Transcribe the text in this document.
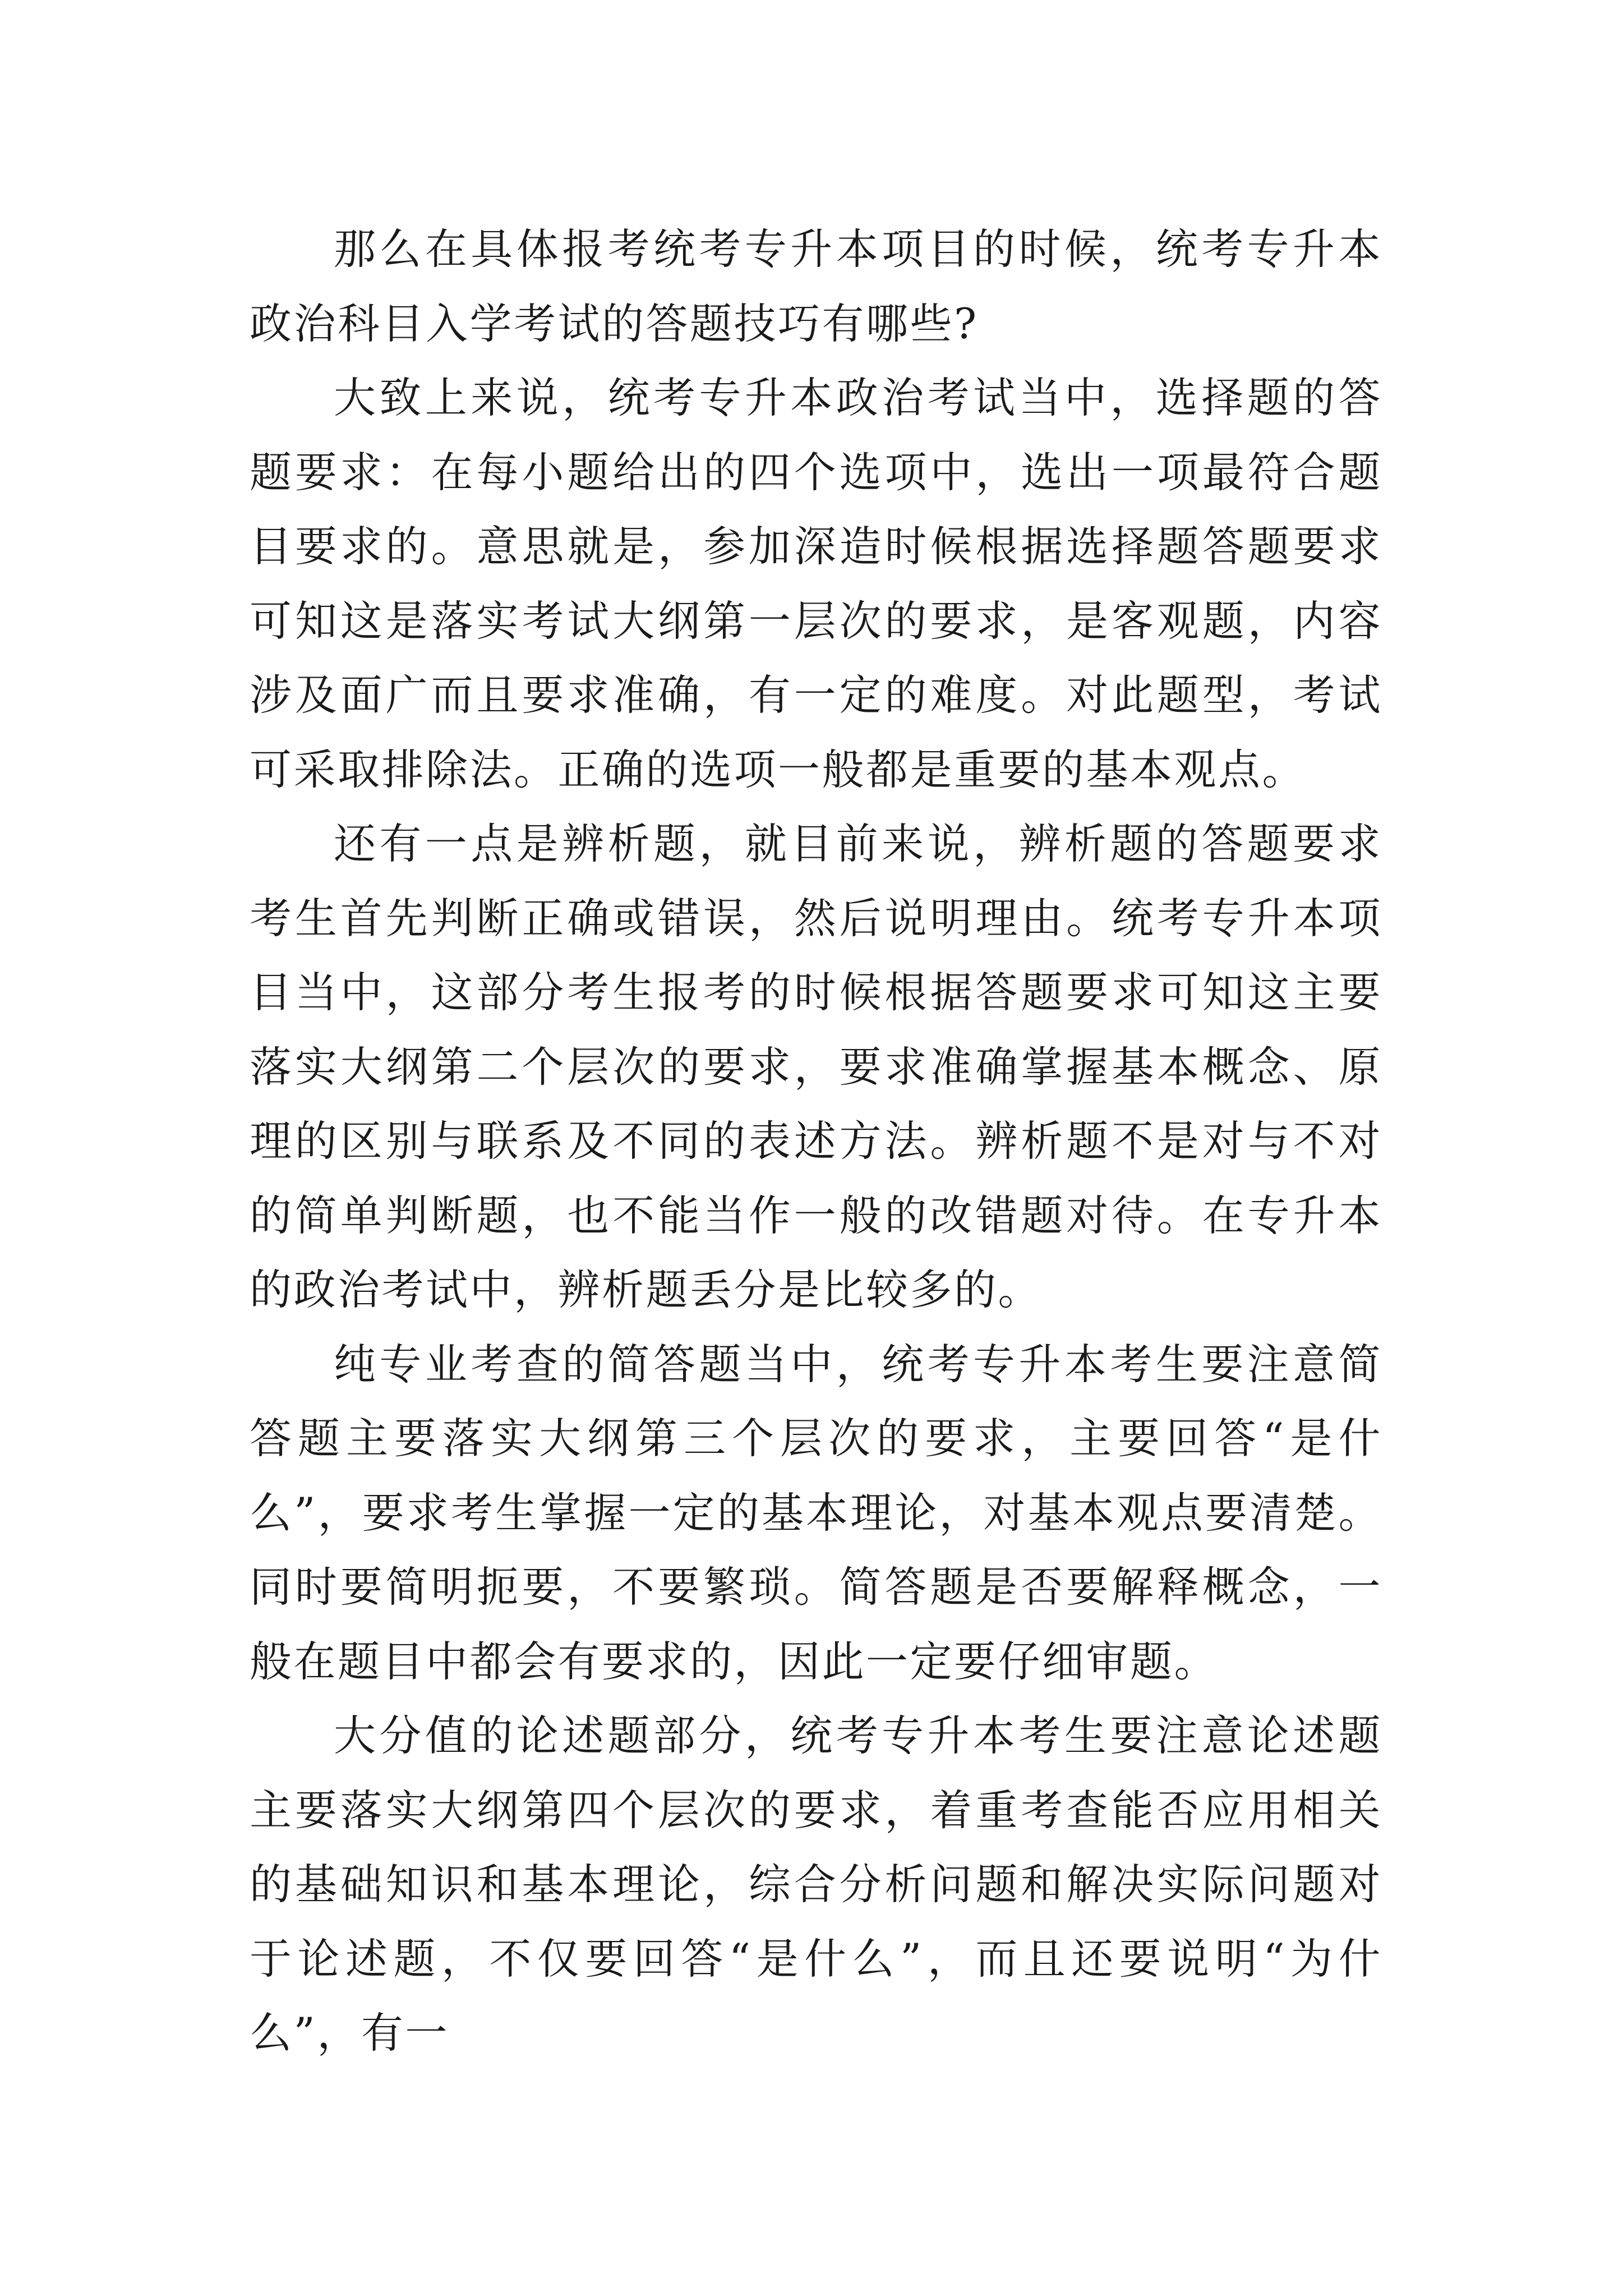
那么在具体报考统考专升本项目的时候，统考专升本政治科目入学考试的答题技巧有哪些?

大致上来说，统考专升本政治考试当中，选择题的答题要求：在每小题给出的四个选项中，选出一项最符合题目要求的。意思就是，参加深造时候根据选择题答题要求可知这是落实考试大纲第一层次的要求，是客观题，内容涉及面广而且要求准确，有一定的难度。对此题型，考试可采取排除法。正确的选项一般都是重要的基本观点。

还有一点是辨析题，就目前来说，辨析题的答题要求考生首先判断正确或错误，然后说明理由。统考专升本项目当中，这部分考生报考的时候根据答题要求可知这主要落实大纲第二个层次的要求，要求准确掌握基本概念、原理的区别与联系及不同的表述方法。辨析题不是对与不对的简单判断题，也不能当作一般的改错题对待。在专升本的政治考试中，辨析题丢分是比较多的。

纯专业考查的简答题当中，统考专升本考生要注意简答题主要落实大纲第三个层次的要求，主要回答“是什么”，要求考生掌握一定的基本理论，对基本观点要清楚。同时要简明扼要，不要繁琐。简答题是否要解释概念，一般在题目中都会有要求的，因此一定要仔细审题。

大分值的论述题部分，统考专升本考生要注意论述题主要落实大纲第四个层次的要求，着重考查能否应用相关的基础知识和基本理论，综合分析问题和解决实际问题对于论述题，不仅要回答“是什么”，而且还要说明“为什么”，有一
